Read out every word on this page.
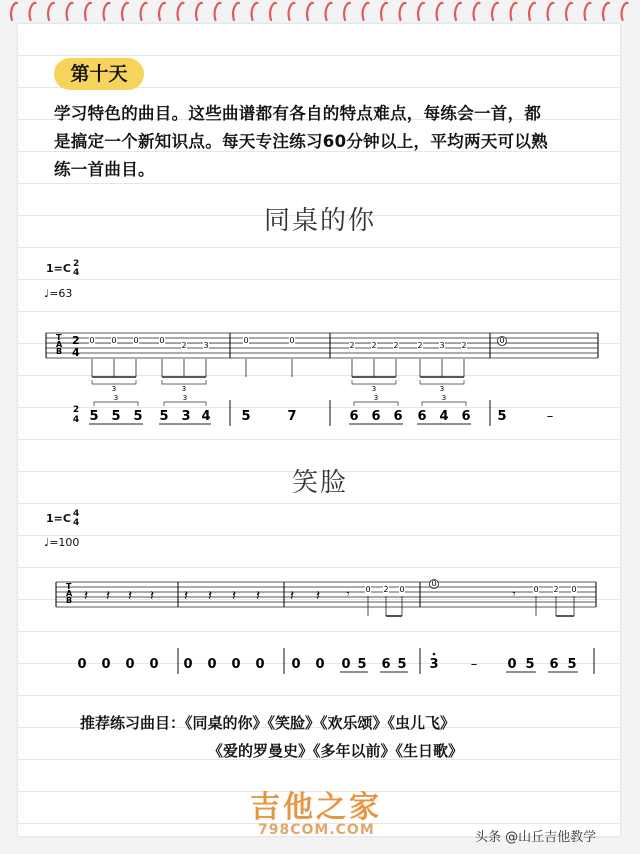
第十天
学习特色的曲目。这些曲谱都有各自的特点难点，每练会一首，都
是搞定一个新知识点。每天专注练习60分钟以上，平均两天可以熟
练一首曲目。
同桌的你
1=C 2
4
♩=63
笑脸
1=C 4
4
♩=100
T
A
B
2
4
0 0 0
3
0
2 3
3
0	0
2 2 2
3
2 3 2
3
0
2
4 5 5 5
3
5 3 4
3
5	7	6 6 6
3
6 4 6
3
5	–
T
A
B 𝄽 𝄽 𝄽 𝄽 𝄽 𝄽 𝄽 𝄽 𝄽 𝄽 𝄾 0 2 0
0
𝄾 0 2 0
0 0 0 0 0 0 0 0 0 0 0 5 6 5 3 – 0 5 6 5
推荐练习曲目：《同桌的你》《笑脸》《欢乐颂》《虫儿飞》
《爱的罗曼史》《多年以前》《生日歌》
吉他之家
798COM.COM	头条 @山丘吉他教学
